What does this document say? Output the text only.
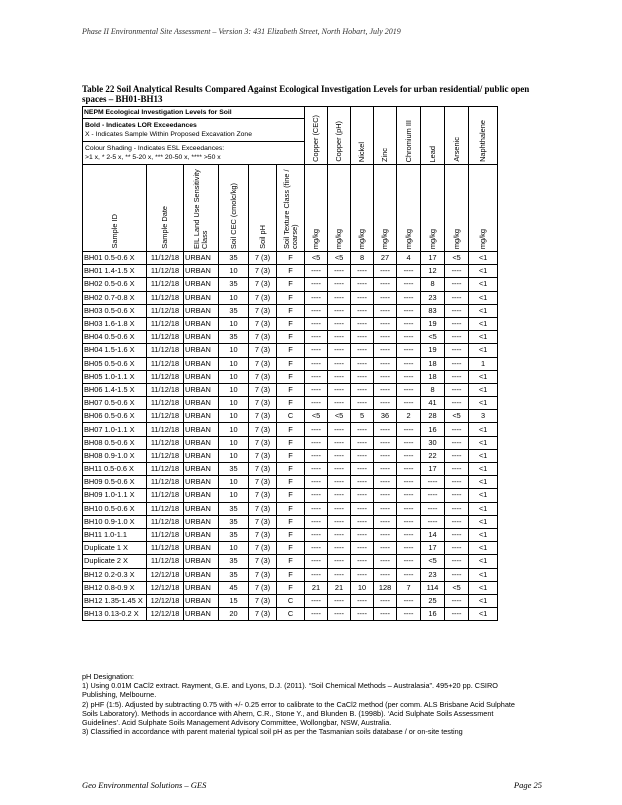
Phase II Environmental Site Assessment – Version 3: 431 Elizabeth Street, North Hobart, July 2019
Table 22 Soil Analytical Results Compared Against Ecological Investigation Levels for urban residential/ public open spaces – BH01-BH13
NEPM Ecological Investigation Levels for Soil						Copper (CEC)	Copper (pH)	Nickel	Zinc	Chromium III	Lead	Arsenic	Naphthalene

Bold - Indicates LOR Exceedances
X - Indicates Sample Within Proposed Excavation Zone													

Colour Shading - Indicates ESL Exceedances:
>1 x, * 2-5 x, ** 5-20 x, *** 20-50 x, **** >50 x													

Sample ID	Sample Date	EIL Land Use Sensitivity Class	Soil CEC (cmolc/kg)	Soil pH	Soil Texture Class (fine / coarse)								
						mg/kg	mg/kg	mg/kg	mg/kg	mg/kg	mg/kg	mg/kg	mg/kg
BH01 0.5-0.6 X	11/12/18	URBAN	35	7 (3)	F	<5	<5	8	27	4	17	<5	<1
BH01 1.4-1.5 X	11/12/18	URBAN	10	7 (3)	F	----	----	----	----	----	12	----	<1
BH02 0.5-0.6 X	11/12/18	URBAN	35	7 (3)	F	----	----	----	----	----	8	----	<1
BH02 0.7-0.8 X	11/12/18	URBAN	10	7 (3)	F	----	----	----	----	----	23	----	<1
BH03 0.5-0.6 X	11/12/18	URBAN	35	7 (3)	F	----	----	----	----	----	83	----	<1
BH03 1.6-1.8 X	11/12/18	URBAN	10	7 (3)	F	----	----	----	----	----	19	----	<1
BH04 0.5-0.6 X	11/12/18	URBAN	35	7 (3)	F	----	----	----	----	----	<5	----	<1
BH04 1.5-1.6 X	11/12/18	URBAN	10	7 (3)	F	----	----	----	----	----	19	----	<1
BH05 0.5-0.6 X	11/12/18	URBAN	10	7 (3)	F	----	----	----	----	----	18	----	1
BH05 1.0-1.1 X	11/12/18	URBAN	10	7 (3)	F	----	----	----	----	----	18	----	<1
BH06 1.4-1.5 X	11/12/18	URBAN	10	7 (3)	F	----	----	----	----	----	8	----	<1
BH07 0.5-0.6 X	11/12/18	URBAN	10	7 (3)	F	----	----	----	----	----	41	----	<1
BH06 0.5-0.6 X	11/12/18	URBAN	10	7 (3)	C	<5	<5	5	36	2	28	<5	3
BH07 1.0-1.1 X	11/12/18	URBAN	10	7 (3)	F	----	----	----	----	----	16	----	<1
BH08 0.5-0.6 X	11/12/18	URBAN	10	7 (3)	F	----	----	----	----	----	30	----	<1
BH08 0.9-1.0 X	11/12/18	URBAN	10	7 (3)	F	----	----	----	----	----	22	----	<1
BH11 0.5-0.6 X	11/12/18	URBAN	35	7 (3)	F	----	----	----	----	----	17	----	<1
BH09 0.5-0.6 X	11/12/18	URBAN	10	7 (3)	F	----	----	----	----	----	----	----	<1
BH09 1.0-1.1 X	11/12/18	URBAN	10	7 (3)	F	----	----	----	----	----	----	----	<1
BH10 0.5-0.6 X	11/12/18	URBAN	35	7 (3)	F	----	----	----	----	----	----	----	<1
BH10 0.9-1.0 X	11/12/18	URBAN	35	7 (3)	F	----	----	----	----	----	----	----	<1
BH11 1.0-1.1	11/12/18	URBAN	35	7 (3)	F	----	----	----	----	----	14	----	<1
Duplicate 1 X	11/12/18	URBAN	10	7 (3)	F	----	----	----	----	----	17	----	<1
Duplicate 2 X	11/12/18	URBAN	35	7 (3)	F	----	----	----	----	----	<5	----	<1
BH12 0.2-0.3 X	12/12/18	URBAN	35	7 (3)	F	----	----	----	----	----	23	----	<1
BH12 0.8-0.9 X	12/12/18	URBAN	45	7 (3)	F	21	21	10	128	7	114	<5	<1
BH12 1.35-1.45 X	12/12/18	URBAN	15	7 (3)	C	----	----	----	----	----	25	----	<1
BH13 0.13-0.2 X	12/12/18	URBAN	20	7 (3)	C	----	----	----	----	----	16	----	<1

pH Designation:

1) Using 0.01M CaCl2 extract. Rayment, G.E. and Lyons, D.J. (2011). “Soil Chemical Methods – Australasia”. 495+20 pp. CSIRO Publishing, Melbourne.

2) pHF (1:5). Adjusted by subtracting 0.75 with +/- 0.25 error to calibrate to the CaCl2 method (per comm. ALS Brisbane Acid Sulphate Soils Laboratory). Methods in accordance with Ahern, C.R., Stone Y., and Blunden B. (1998b). ‘Acid Sulphate Soils Assessment Guidelines’. Acid Sulphate Soils Management Advisory Committee, Wollongbar, NSW, Australia.

3) Classified in accordance with parent material typical soil pH as per the Tasmanian soils database / or on-site testing

Geo Environmental Solutions – GES	Page 25
